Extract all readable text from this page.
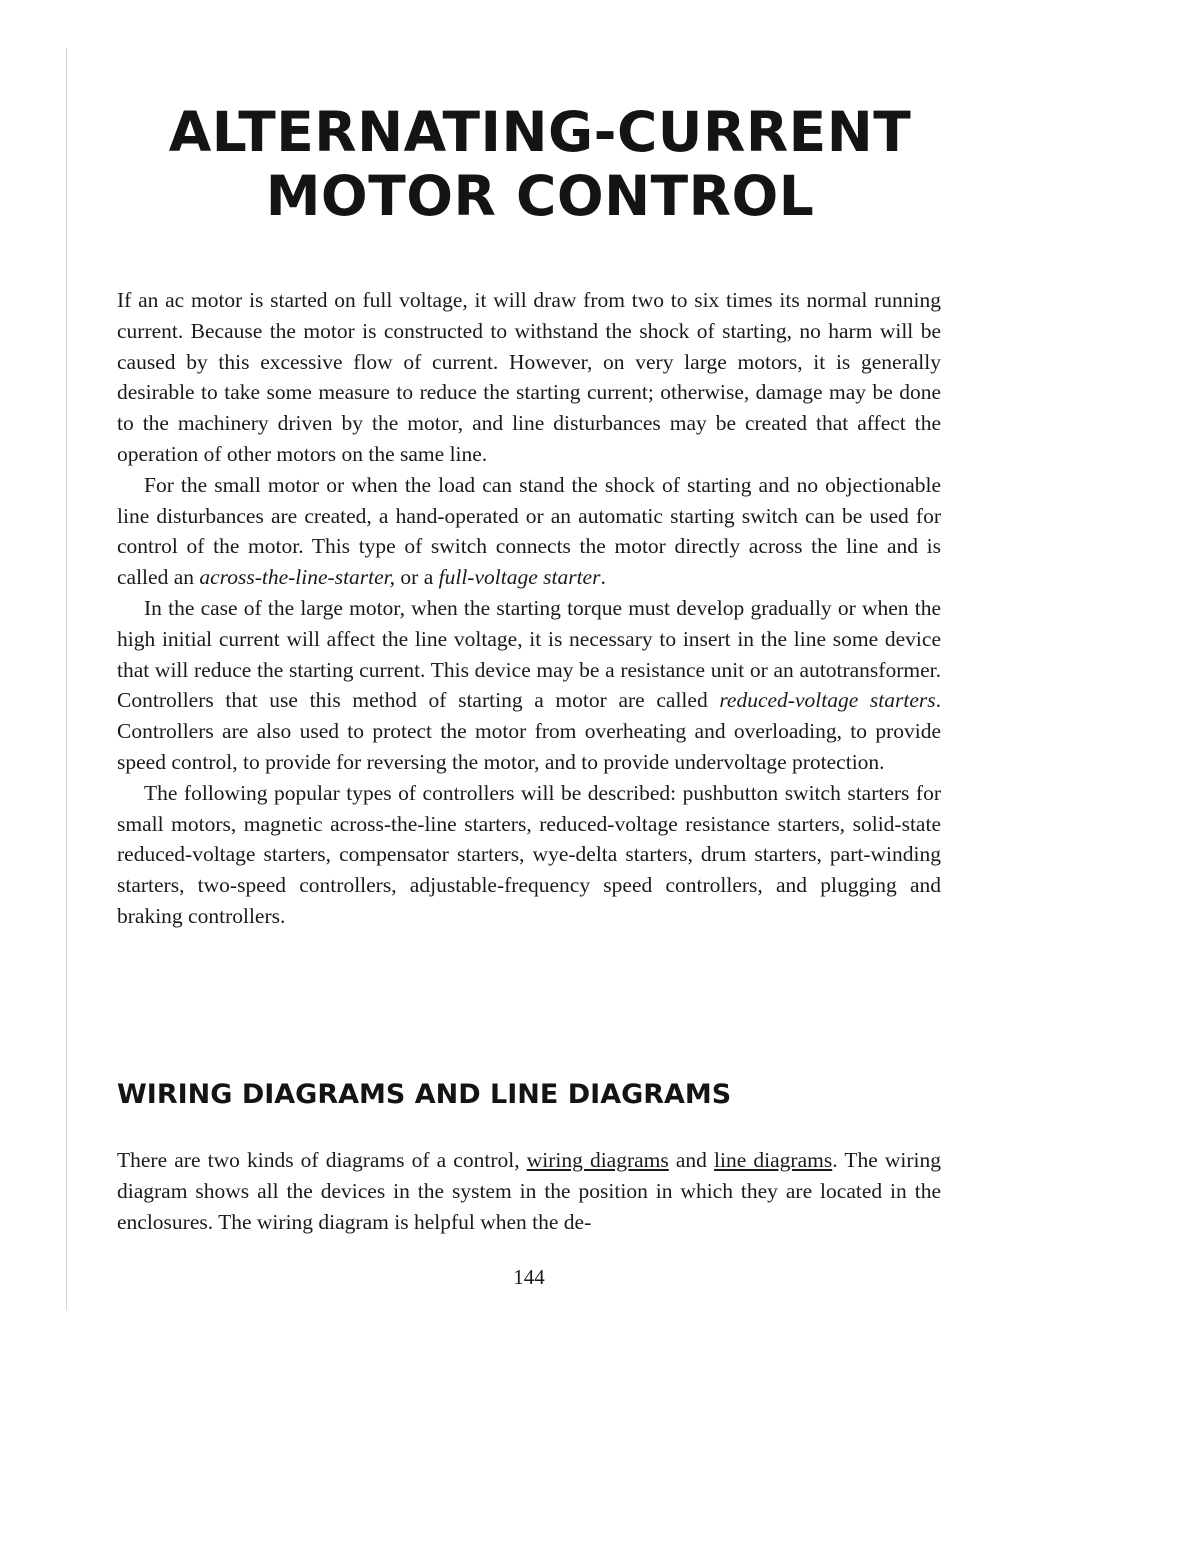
ALTERNATING-CURRENT
MOTOR CONTROL

If an ac motor is started on full voltage, it will draw from two to six times its normal running current. Because the motor is constructed to withstand the shock of starting, no harm will be caused by this excessive flow of current. However, on very large motors, it is generally desirable to take some measure to reduce the starting current; otherwise, damage may be done to the machinery driven by the motor, and line disturbances may be created that affect the operation of other motors on the same line.

For the small motor or when the load can stand the shock of starting and no objectionable line disturbances are created, a hand-operated or an automatic starting switch can be used for control of the motor. This type of switch connects the motor directly across the line and is called an across-the-line-starter, or a full-voltage starter.

In the case of the large motor, when the starting torque must develop gradually or when the high initial current will affect the line voltage, it is necessary to insert in the line some device that will reduce the starting current. This device may be a resistance unit or an autotransformer. Controllers that use this method of starting a motor are called reduced-voltage starters. Controllers are also used to protect the motor from overheating and overloading, to provide speed control, to provide for reversing the motor, and to provide undervoltage protection.

The following popular types of controllers will be described: pushbutton switch starters for small motors, magnetic across-the-line starters, reduced-voltage resistance starters, solid-state reduced-voltage starters, compensator starters, wye-delta starters, drum starters, part-winding starters, two-speed controllers, adjustable-frequency speed controllers, and plugging and braking controllers.

WIRING DIAGRAMS AND LINE DIAGRAMS

There are two kinds of diagrams of a control, wiring diagrams and line diagrams. The wiring diagram shows all the devices in the system in the position in which they are located in the enclosures. The wiring diagram is helpful when the de-

144
